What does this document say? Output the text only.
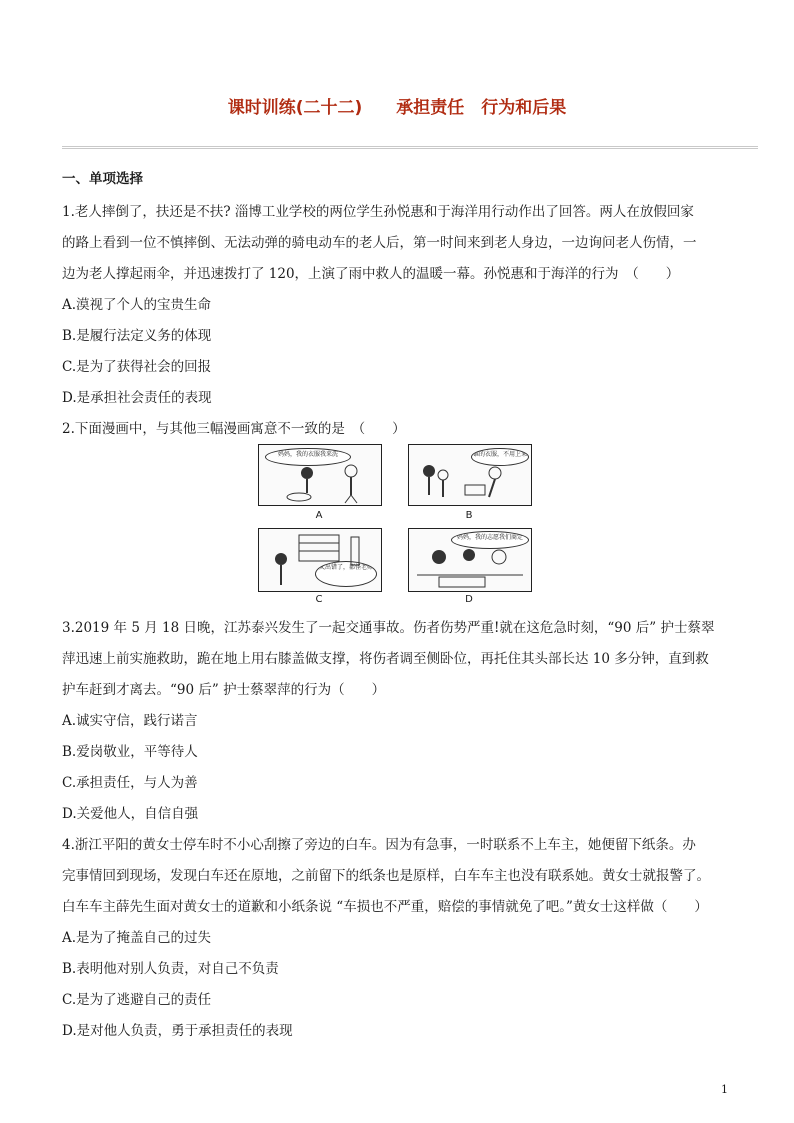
课时训练(二十二)　　承担责任　行为和后果
一、单项选择
1.老人摔倒了，扶还是不扶? 淄博工业学校的两位学生孙悦惠和于海洋用行动作出了回答。两人在放假回家
的路上看到一位不慎摔倒、无法动弹的骑电动车的老人后，第一时间来到老人身边，一边询问老人伤情，一
边为老人撑起雨伞，并迅速拨打了 120，上演了雨中救人的温暖一幕。孙悦惠和于海洋的行为　（　　）
A.漠视了个人的宝贵生命
B.是履行法定义务的体现
C.是为了获得社会的回报
D.是承担社会责任的表现
2.下面漫画中，与其他三幅漫画寓意不一致的是　（　　）
妈妈，我的衣服我来洗
A
谁的衣服，不用上来
B
又出错了，都怪老师
C
妈妈，我的志愿我们商定
D
3.2019 年 5 月 18 日晚，江苏泰兴发生了一起交通事故。伤者伤势严重!就在这危急时刻，“90 后” 护士蔡翠
萍迅速上前实施救助，跪在地上用右膝盖做支撑，将伤者调至侧卧位，再托住其头部长达 10 多分钟，直到救
护车赶到才离去。“90 后” 护士蔡翠萍的行为（　　）
A.诚实守信，践行诺言
B.爱岗敬业，平等待人
C.承担责任，与人为善
D.关爱他人，自信自强
4.浙江平阳的黄女士停车时不小心刮擦了旁边的白车。因为有急事，一时联系不上车主，她便留下纸条。办
完事情回到现场，发现白车还在原地，之前留下的纸条也是原样，白车车主也没有联系她。黄女士就报警了。
白车车主薛先生面对黄女士的道歉和小纸条说 “车损也不严重，赔偿的事情就免了吧。”黄女士这样做（　　）
A.是为了掩盖自己的过失
B.表明他对别人负责，对自己不负责
C.是为了逃避自己的责任
D.是对他人负责，勇于承担责任的表现
1
